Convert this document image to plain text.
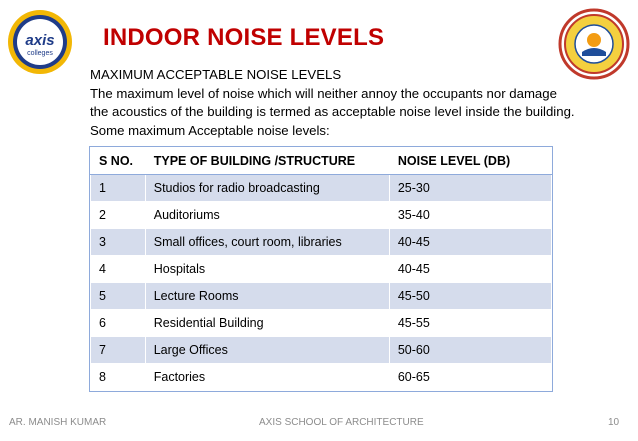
axis
colleges
INDOOR NOISE LEVELS
MAXIMUM ACCEPTABLE NOISE LEVELS
The maximum level of noise which will neither annoy the occupants nor damage
the acoustics of the building is termed as acceptable noise level inside the building.
Some maximum Acceptable noise levels:
S NO.	TYPE OF BUILDING /STRUCTURE	NOISE LEVEL (DB)
1	Studios for radio broadcasting	25-30
2	Auditoriums	35-40
3	Small offices, court room, libraries	40-45
4	Hospitals	40-45
5	Lecture Rooms	45-50
6	Residential Building	45-55
7	Large Offices	50-60
8	Factories	60-65
AR. MANISH KUMAR	AXIS SCHOOL OF ARCHITECTURE	10
